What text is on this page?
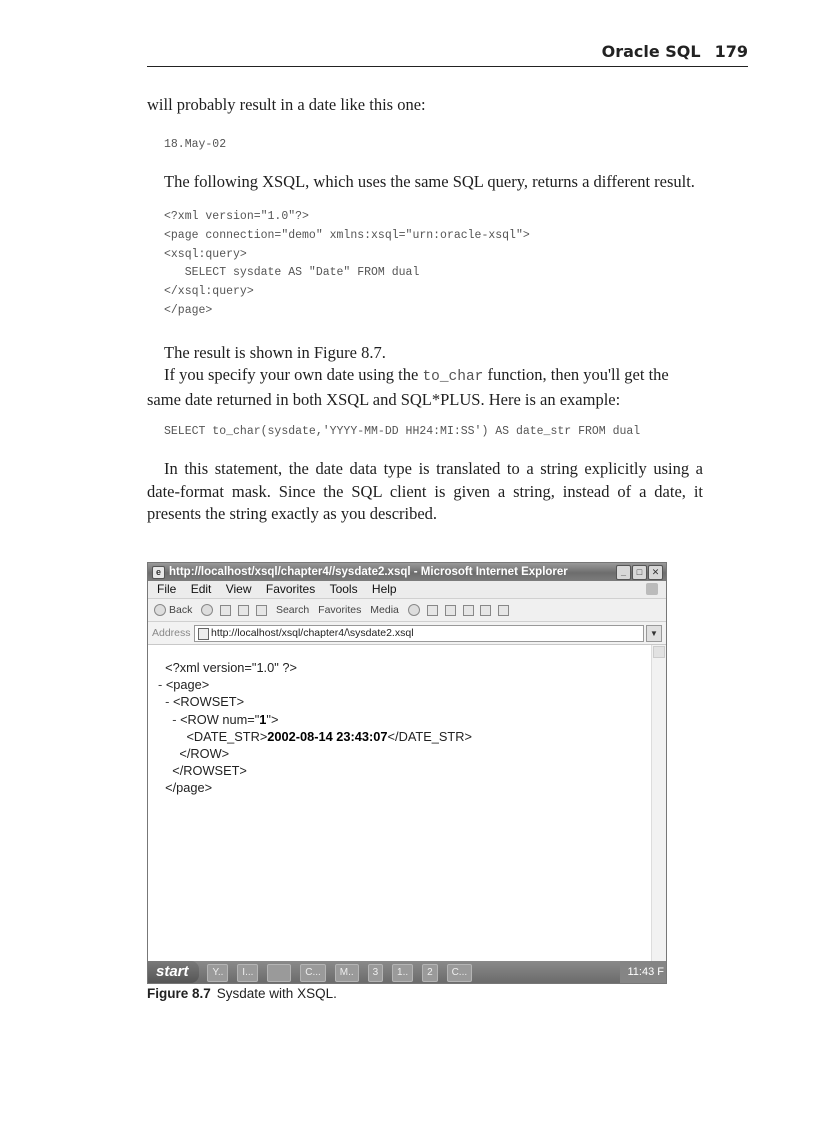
Oracle SQL 179

will probably result in a date like this one:

18.May-02

The following XSQL, which uses the same SQL query, returns a different result.

<?xml version="1.0"?>
<page connection="demo" xmlns:xsql="urn:oracle-xsql">
<xsql:query>
SELECT sysdate AS "Date" FROM dual
</xsql:query>
</page>

The result is shown in Figure 8.7.

If you specify your own date using the to_char function, then you'll get the same date returned in both XSQL and SQL*PLUS. Here is an example:

SELECT to_char(sysdate,'YYYY-MM-DD HH24:MI:SS') AS date_str FROM dual

In this statement, the date data type is translated to a string explicitly using a date-format mask. Since the SQL client is given a string, instead of a date, it presents the string exactly as you described.

e http://localhost/xsql/chapter4//sysdate2.xsql - Microsoft Internet Explorer	_	□	✕
File Edit View Favorites Tools Help
Back	Search Favorites Media
Address	http://localhost/xsql/chapter4/\sysdate2.xsql	▼
<?xml version="1.0" ?>
- <page>
- <ROWSET>
- <ROW num="1">
<DATE_STR>2002-08-14 23:43:07</DATE_STR>
</ROW>
</ROWSET>
</page>
start Y.. I...	C... M.. 3 1.. 2 C...	11:43 F
Figure 8.7 Sysdate with XSQL.
